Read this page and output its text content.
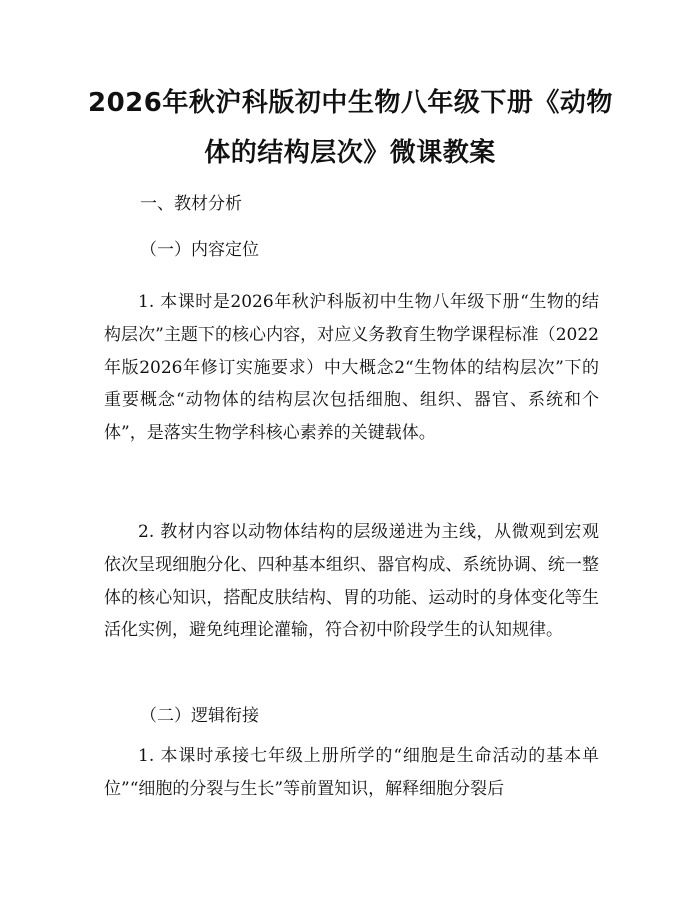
2026年秋沪科版初中生物八年级下册《动物
体的结构层次》微课教案

一、教材分析

（一）内容定位

1. 本课时是2026年秋沪科版初中生物八年级下册“生物的结构层次”主题下的核心内容，对应义务教育生物学课程标准（2022年版2026年修订实施要求）中大概念2“生物体的结构层次”下的重要概念“动物体的结构层次包括细胞、组织、器官、系统和个体”，是落实生物学科核心素养的关键载体。

2. 教材内容以动物体结构的层级递进为主线，从微观到宏观依次呈现细胞分化、四种基本组织、器官构成、系统协调、统一整体的核心知识，搭配皮肤结构、胃的功能、运动时的身体变化等生活化实例，避免纯理论灌输，符合初中阶段学生的认知规律。

（二）逻辑衔接

1. 本课时承接七年级上册所学的“细胞是生命活动的基本单位”“细胞的分裂与生长”等前置知识，解释细胞分裂后
